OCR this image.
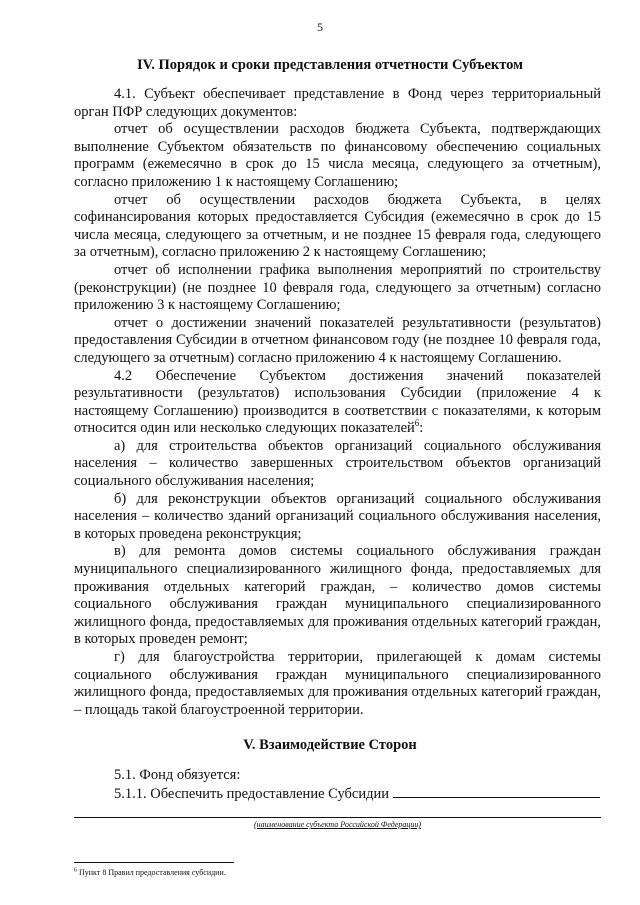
5
IV. Порядок и сроки представления отчетности Субъектом

4.1. Субъект обеспечивает представление в Фонд через территориальный орган ПФР следующих документов:

отчет об осуществлении расходов бюджета Субъекта, подтверждающих выполнение Субъектом обязательств по финансовому обеспечению социальных программ (ежемесячно в срок до 15 числа месяца, следующего за отчетным), согласно приложению 1 к настоящему Соглашению;

отчет об осуществлении расходов бюджета Субъекта, в целях софинансирования которых предоставляется Субсидия (ежемесячно в срок до 15 числа месяца, следующего за отчетным, и не позднее 15 февраля года, следующего за отчетным), согласно приложению 2 к настоящему Соглашению;

отчет об исполнении графика выполнения мероприятий по строительству (реконструкции) (не позднее 10 февраля года, следующего за отчетным) согласно приложению 3 к настоящему Соглашению;

отчет о достижении значений показателей результативности (результатов) предоставления Субсидии в отчетном финансовом году (не позднее 10 февраля года, следующего за отчетным) согласно приложению 4 к настоящему Соглашению.

4.2 Обеспечение Субъектом достижения значений показателей результативности (результатов) использования Субсидии (приложение 4 к настоящему Соглашению) производится в соответствии с показателями, к которым относится один или несколько следующих показателей$^6$:

а) для строительства объектов организаций социального обслуживания населения – количество завершенных строительством объектов организаций социального обслуживания населения;

б) для реконструкции объектов организаций социального обслуживания населения – количество зданий организаций социального обслуживания населения, в которых проведена реконструкция;

в) для ремонта домов системы социального обслуживания граждан муниципального специализированного жилищного фонда, предоставляемых для проживания отдельных категорий граждан, – количество домов системы социального обслуживания граждан муниципального специализированного жилищного фонда, предоставляемых для проживания отдельных категорий граждан, в которых проведен ремонт;

г) для благоустройства территории, прилегающей к домам системы социального обслуживания граждан муниципального специализированного жилищного фонда, предоставляемых для проживания отдельных категорий граждан, – площадь такой благоустроенной территории.

V. Взаимодействие Сторон

5.1. Фонд обязуется:

5.1.1. Обеспечить предоставление Субсидии

(наименование субъекта Российской Федерации)
$^6$ Пункт 8 Правил предоставления субсидии.
